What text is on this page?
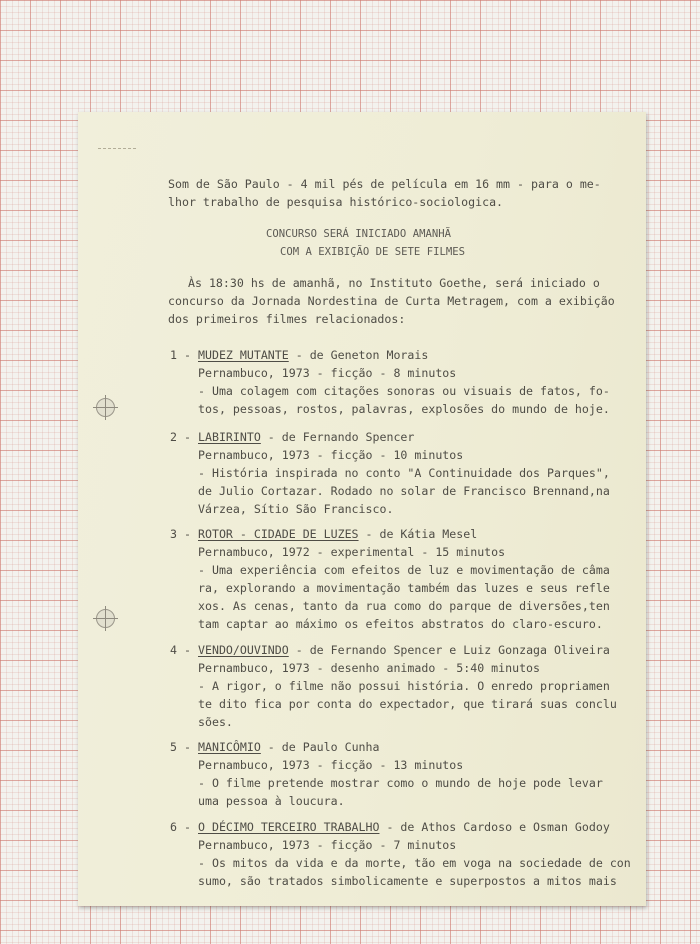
Som de São Paulo - 4 mil pés de película em 16 mm - para o me-

lhor trabalho de pesquisa histórico-sociologica.

CONCURSO SERÁ INICIADO AMANHÃ

COM A EXIBIÇÃO DE SETE FILMES

Às 18:30 hs de amanhã, no Instituto Goethe, será iniciado o

concurso da Jornada Nordestina de Curta Metragem, com a exibição

dos primeiros filmes relacionados:

1 - MUDEZ MUTANTE - de Geneton Morais

Pernambuco, 1973 - ficção - 8 minutos

- Uma colagem com citações sonoras ou visuais de fatos, fo-

tos, pessoas, rostos, palavras, explosões do mundo de hoje.

2 - LABIRINTO - de Fernando Spencer

Pernambuco, 1973 - ficção - 10 minutos

- História inspirada no conto "A Continuidade dos Parques",

de Julio Cortazar. Rodado no solar de Francisco Brennand,na

Várzea, Sítio São Francisco.

3 - ROTOR - CIDADE DE LUZES - de Kátia Mesel

Pernambuco, 1972 - experimental - 15 minutos

- Uma experiência com efeitos de luz e movimentação de câma

ra, explorando a movimentação também das luzes e seus refle

xos. As cenas, tanto da rua como do parque de diversões,ten

tam captar ao máximo os efeitos abstratos do claro-escuro.

4 - VENDO/OUVINDO - de Fernando Spencer e Luiz Gonzaga Oliveira

Pernambuco, 1973 - desenho animado - 5:40 minutos

- A rigor, o filme não possui história. O enredo propriamen

te dito fica por conta do expectador, que tirará suas conclu

sões.

5 - MANICÔMIO - de Paulo Cunha

Pernambuco, 1973 - ficção - 13 minutos

- O filme pretende mostrar como o mundo de hoje pode levar

uma pessoa à loucura.

6 - O DÉCIMO TERCEIRO TRABALHO - de Athos Cardoso e Osman Godoy

Pernambuco, 1973 - ficção - 7 minutos

- Os mitos da vida e da morte, tão em voga na sociedade de con

sumo, são tratados simbolicamente e superpostos a mitos mais
